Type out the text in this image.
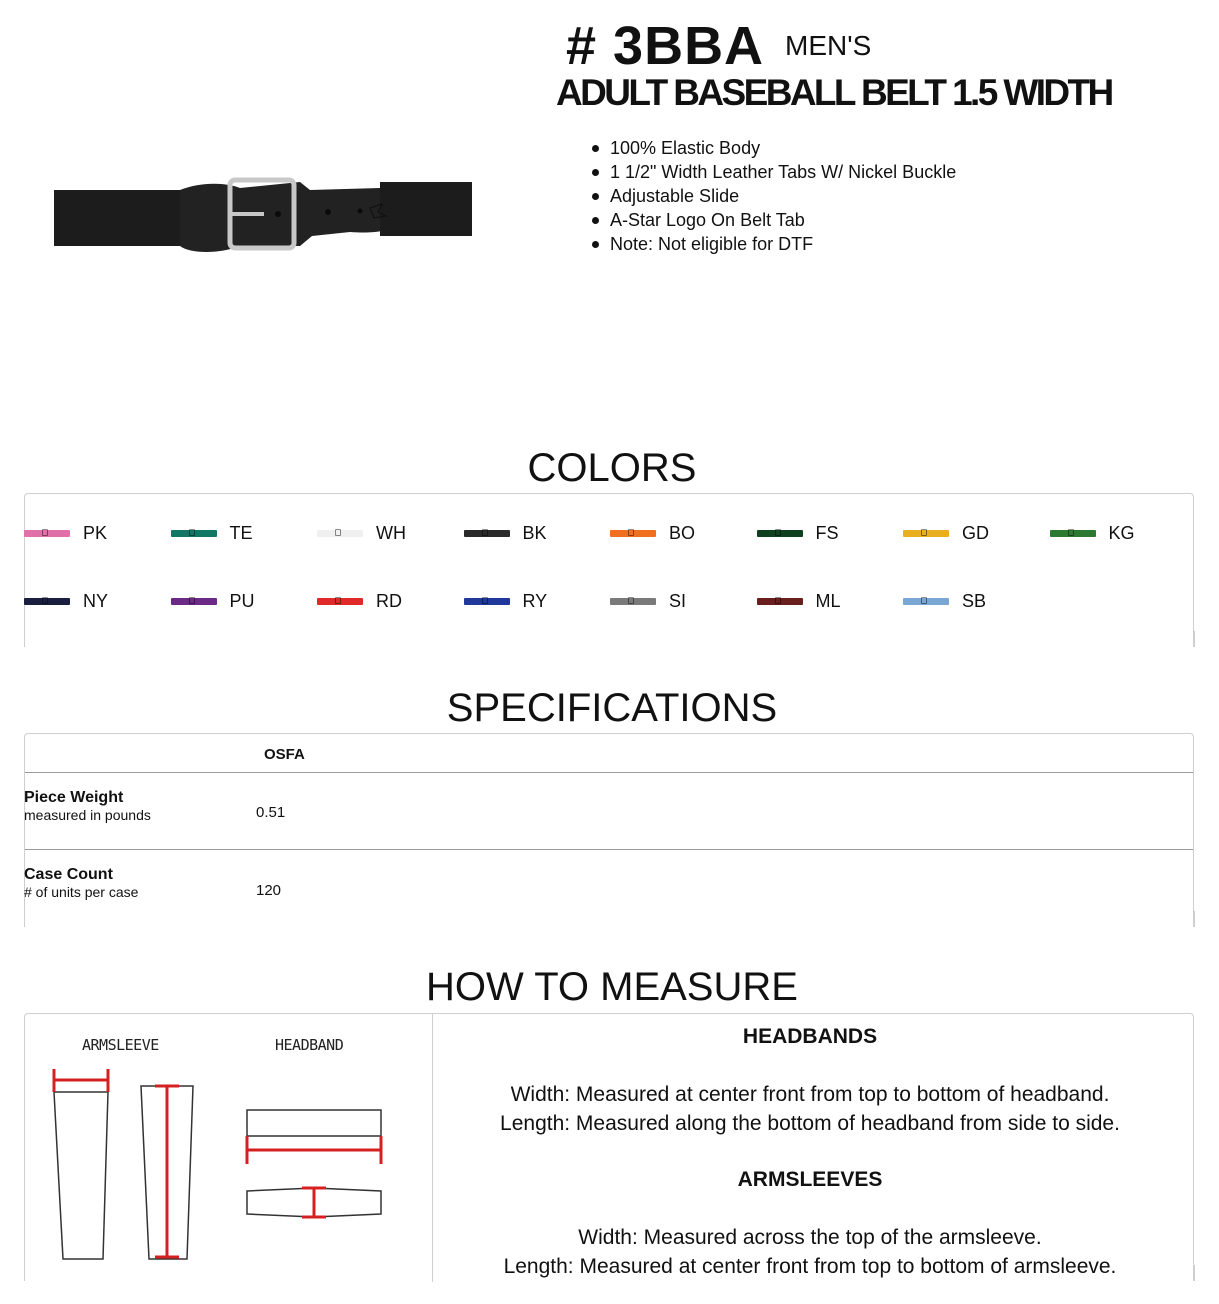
# 3BBA MEN'S
ADULT BASEBALL BELT 1.5 WIDTH
100% Elastic Body
1 1/2" Width Leather Tabs W/ Nickel Buckle
Adjustable Slide
A-Star Logo On Belt Tab
Note: Not eligible for DTF
COLORS
PK	TE	WH	BK	BO	FS	GD	KG
NY	PU	RD	RY	SI	ML	SB
SPECIFICATIONS
OSFA
Piece Weight
measured in pounds	0.51
Case Count
# of units per case	120
HOW TO MEASURE
ARMSLEEVE	HEADBAND	HEADBANDS
Width: Measured at center front from top to bottom of headband.
Length: Measured along the bottom of headband from side to side.
ARMSLEEVES
Width: Measured across the top of the armsleeve.
Length: Measured at center front from top to bottom of armsleeve.
